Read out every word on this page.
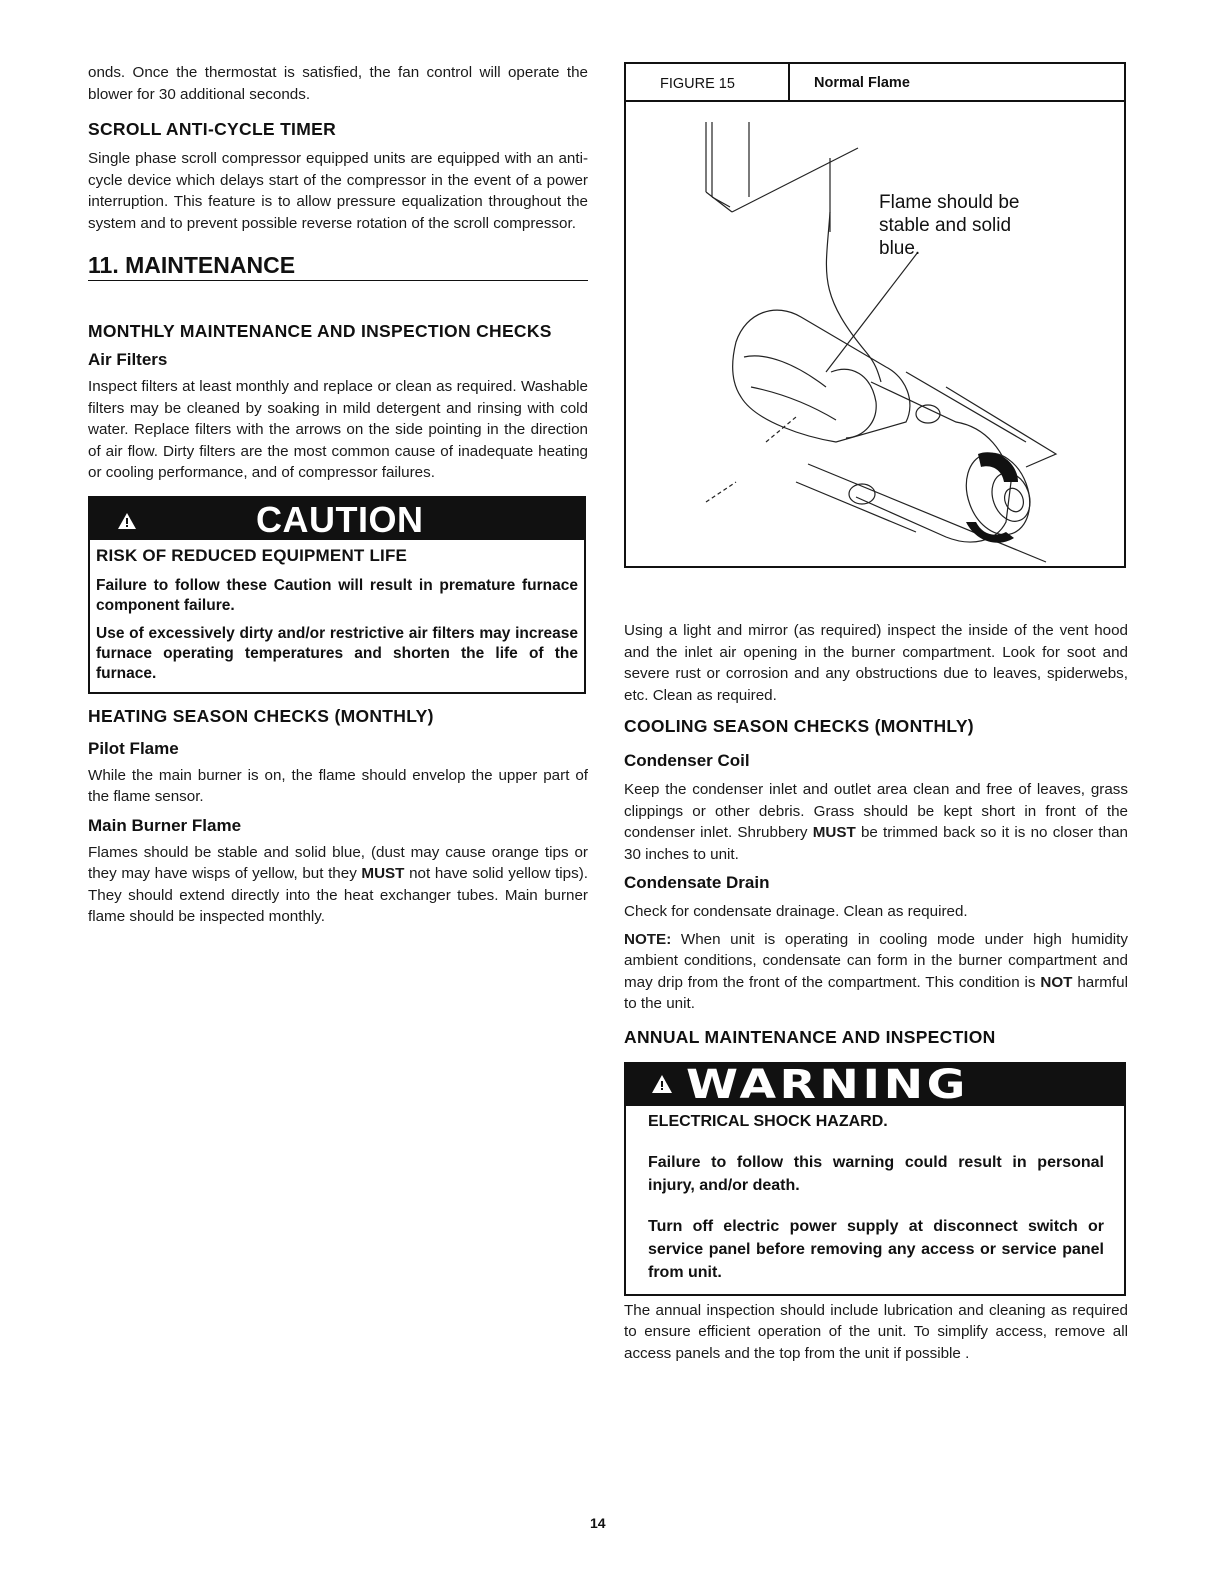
onds. Once the thermostat is satisfied, the fan control will operate the blower for 30 additional seconds.

SCROLL ANTI-CYCLE TIMER

Single phase scroll compressor equipped units are equipped with an anti-cycle device which delays start of the compressor in the event of a power interruption. This feature is to allow pressure equalization throughout the system and to prevent possible reverse rotation of the scroll compressor.

11. MAINTENANCE
MONTHLY MAINTENANCE AND INSPECTION CHECKS
Air Filters

Inspect filters at least monthly and replace or clean as required. Washable filters may be cleaned by soaking in mild detergent and rinsing with cold water. Replace filters with the arrows on the side pointing in the direction of air flow. Dirty filters are the most common cause of inadequate heating or cooling performance, and of compressor failures.

CAUTION
RISK OF REDUCED EQUIPMENT LIFE

Failure to follow these Caution will result in premature furnace component failure.

Use of excessively dirty and/or restrictive air filters may increase furnace operating temperatures and shorten the life of the furnace.

HEATING SEASON CHECKS (MONTHLY)
Pilot Flame

While the main burner is on, the flame should envelop the upper part of the flame sensor.

Main Burner Flame

Flames should be stable and solid blue, (dust may cause orange tips or they may have wisps of yellow, but they MUST not have solid yellow tips). They should extend directly into the heat exchanger tubes. Main burner flame should be inspected monthly.

FIGURE 15	Normal Flame
Flame should be
stable and solid
blue.

Using a light and mirror (as required) inspect the inside of the vent hood and the inlet air opening in the burner compartment. Look for soot and severe rust or corrosion and any obstructions due to leaves, spiderwebs, etc. Clean as required.

COOLING SEASON CHECKS (MONTHLY)
Condenser Coil

Keep the condenser inlet and outlet area clean and free of leaves, grass clippings or other debris. Grass should be kept short in front of the condenser inlet. Shrubbery MUST be trimmed back so it is no closer than 30 inches to unit.

Condensate Drain

Check for condensate drainage. Clean as required.

NOTE: When unit is operating in cooling mode under high humidity ambient conditions, condensate can form in the burner compartment and may drip from the front of the compartment. This condition is NOT harmful to the unit.

ANNUAL MAINTENANCE AND INSPECTION
WARNING

ELECTRICAL SHOCK HAZARD.

Failure to follow this warning could result in personal injury, and/or death.

Turn off electric power supply at disconnect switch or service panel before removing any access or service panel from unit.

The annual inspection should include lubrication and cleaning as required to ensure efficient operation of the unit. To simplify access, remove all access panels and the top from the unit if possible .

14
